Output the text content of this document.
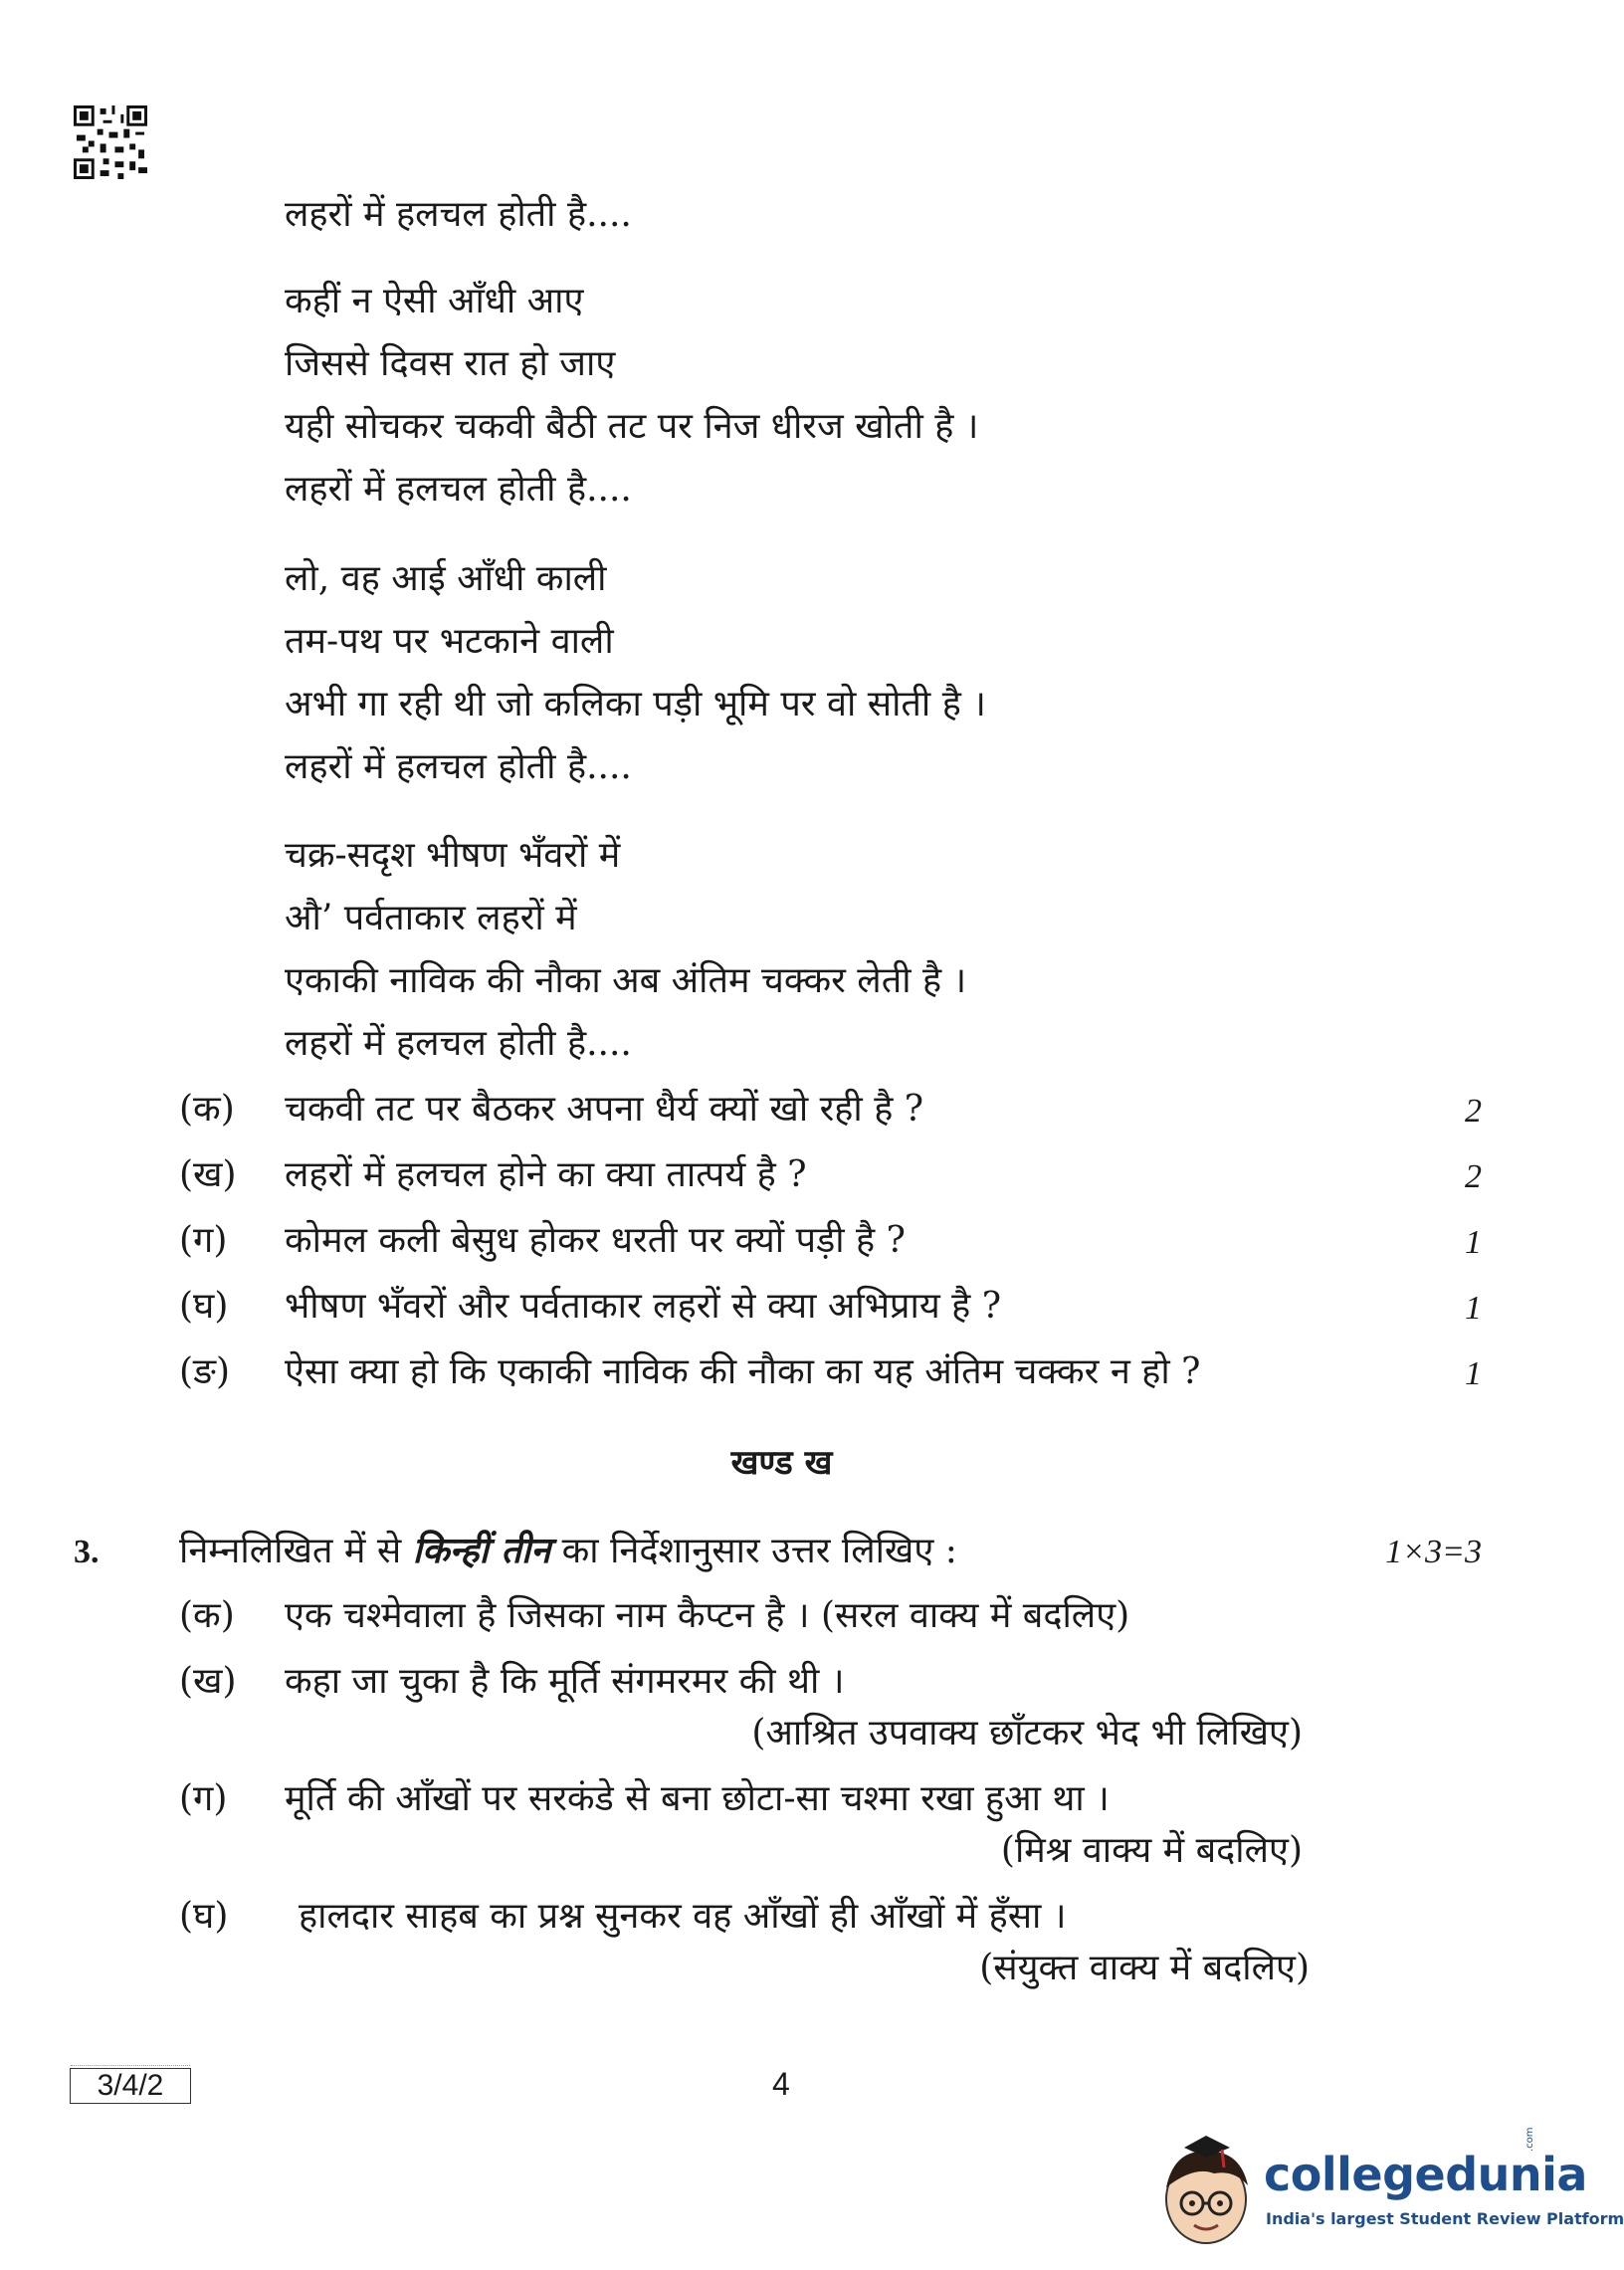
लहरों में हलचल होती है....
कहीं न ऐसी आँधी आए
जिससे दिवस रात हो जाए
यही सोचकर चकवी बैठी तट पर निज धीरज खोती है ।
लहरों में हलचल होती है....
लो, वह आई आँधी काली
तम-पथ पर भटकाने वाली
अभी गा रही थी जो कलिका पड़ी भूमि पर वो सोती है ।
लहरों में हलचल होती है....
चक्र-सदृश भीषण भँवरों में
औ’ पर्वताकार लहरों में
एकाकी नाविक की नौका अब अंतिम चक्कर लेती है ।
लहरों में हलचल होती है....
(क) चकवी तट पर बैठकर अपना धैर्य क्यों खो रही है ?	2
(ख) लहरों में हलचल होने का क्या तात्पर्य है ?	2
(ग) कोमल कली बेसुध होकर धरती पर क्यों पड़ी है ?	1
(घ) भीषण भँवरों और पर्वताकार लहरों से क्या अभिप्राय है ?	1
(ङ) ऐसा क्या हो कि एकाकी नाविक की नौका का यह अंतिम चक्कर न हो ?	1
खण्ड ख
3. निम्नलिखित में से किन्हीं तीन का निर्देशानुसार उत्तर लिखिए :	1×3=3
(क) एक चश्मेवाला है जिसका नाम कैप्टन है । (सरल वाक्य में बदलिए)
(ख) कहा जा चुका है कि मूर्ति संगमरमर की थी ।
(आश्रित उपवाक्य छाँटकर भेद भी लिखिए)
(ग) मूर्ति की आँखों पर सरकंडे से बना छोटा-सा चश्मा रखा हुआ था ।
(मिश्र वाक्य में बदलिए)
(घ) हालदार साहब का प्रश्न सुनकर वह आँखों ही आँखों में हँसा ।
(संयुक्त वाक्य में बदलिए)
3/4/2	4
collegedunia
.com
India's largest Student Review Platform
